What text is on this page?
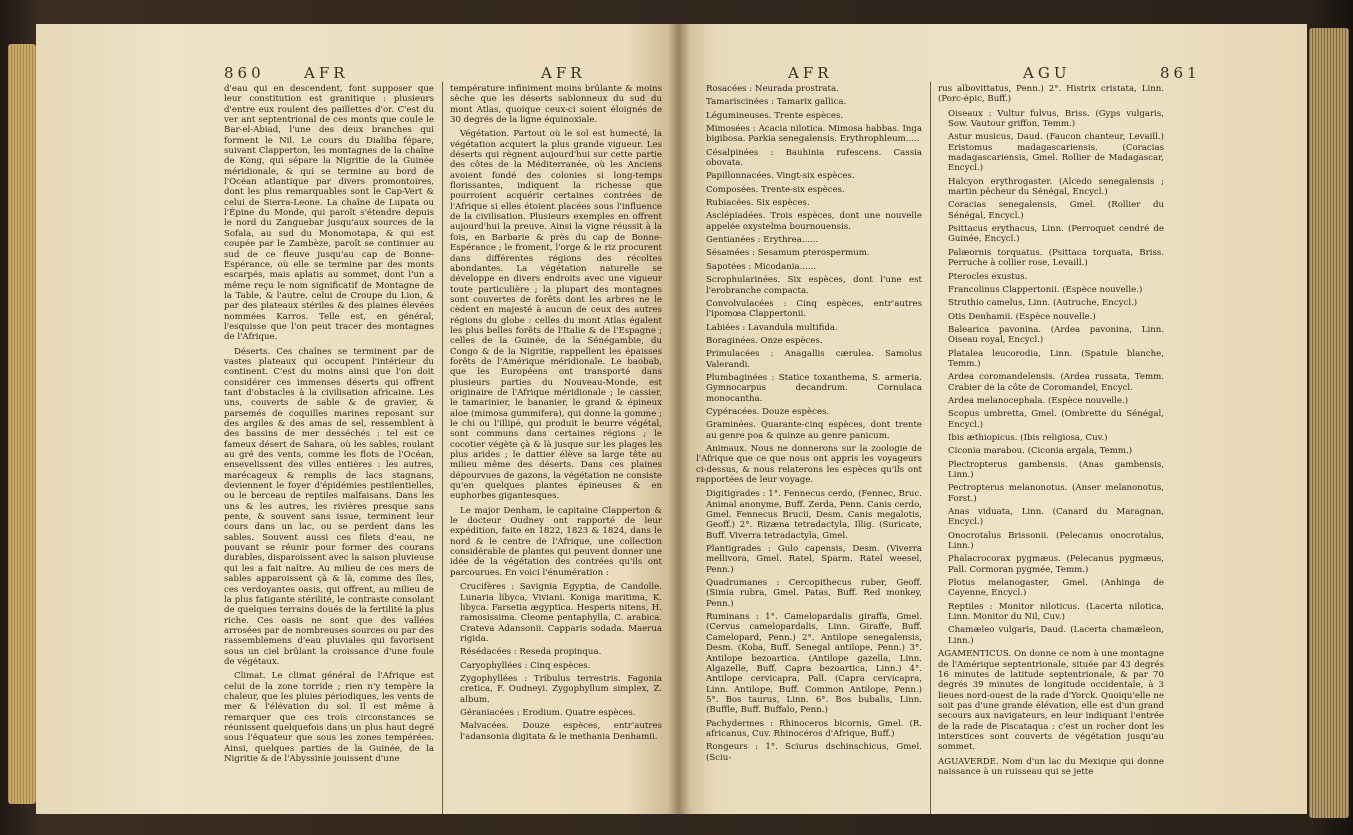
860	AFR	AFR

d'eau qui en descendent, font supposer que leur constitution est granitique : plusieurs d'entre eux roulent des paillettes d'or. C'est du ver ant septentrional de ces monts que coule le Bar-el-Abiad, l'une des deux branches qui forment le Nil. Le cours du Dialiba fépare, suivant Clapperton, les montagnes de la chaîne de Kong, qui sépare la Nigritie de la Guinée méridionale, & qui se termine au bord de l'Océan atlantique par divers promontoires, dont les plus remarquables sont le Cap-Vert & celui de Sierra-Leone. La chaîne de Lupata ou l'Épine du Monde, qui paroît s'étendre depuis le nord du Zanguebar jusqu'aux sources de la Sofala, au sud du Monomotapa, & qui est coupée par le Zambèze, paroît se continuer au sud de ce fleuve jusqu'au cap de Bonne-Espérance, où elle se termine par des monts escarpés, mais aplatis au sommet, dont l'un a même reçu le nom significatif de Montagne de la Table, & l'autre, celui de Croupe du Lion, & par des plateaux stériles & des plaines élevées nommées Karros. Telle est, en général, l'esquisse que l'on peut tracer des montagnes de l'Afrique.

Déserts. Ces chaînes se terminent par de vastes plateaux qui occupent l'intérieur du continent. C'est du moins ainsi que l'on doit considérer ces immenses déserts qui offrent tant d'obstacles à la civilisation africaine. Les uns, couverts de sable & de gravier, & parsemés de coquilles marines reposant sur des argiles & des amas de sel, ressemblent à des bassins de mer desséchés : tel est ce fameux désert de Sahara, où les sables, roulant au gré des vents, comme les flots de l'Océan, ensevelissent des villes entières : les autres, marécageux & remplis de lacs stagnans, deviennent le foyer d'épidémies pestilentielles, ou le berceau de reptiles malfaisans. Dans les uns & les autres, les rivières presque sans pente, & souvent sans issue, terminent leur cours dans un lac, ou se perdent dans les sables. Souvent aussi ces filets d'eau, ne pouvant se réunir pour former des courans durables, disparoissent avec la saison pluvieuse qui les a fait naître. Au milieu de ces mers de sables apparoissent çà & là, comme des îles, ces verdoyantes oasis, qui offrent, au milieu de la plus fatigante stérilité, le contraste consolant de quelques terrains doués de la fertilité la plus riche. Ces oasis ne sont que des vallées arrosées par de nombreuses sources ou par des rassemblemens d'eau pluviales qui favorisent sous un ciel brûlant la croissance d'une foule de végétaux.

Climat. Le climat général de l'Afrique est celui de la zone torride ; rien n'y tempère la chaleur, que les pluies périodiques, les vents de mer & l'élévation du sol. Il est même à remarquer que ces trois circonstances se réunissent quelquefois dans un plus haut degré sous l'équateur que sous les zones tempérées. Ainsi, quelques parties de la Guinée, de la Nigritie & de l'Abyssinie jouissent d'une

température infiniment moins brûlante & moins sèche que les déserts sablonneux du sud du mont Atlas, quoique ceux-ci soient éloignés de 30 degrés de la ligne équinoxiale.

Végétation. Partout où le sol est humecté, la végétation acquiert la plus grande vigueur. Les déserts qui règnent aujourd'hui sur cette partie des côtes de la Méditerranée, où les Anciens avoient fondé des colonies si long-temps florissantes, indiquent la richesse que pourroient acquérir certaines contrées de l'Afrique si elles étoient placées sous l'influence de la civilisation. Plusieurs exemples en offrent aujourd'hui la preuve. Ainsi la vigne réussit à la fois, en Barbarie & près du cap de Bonne-Espérance ; le froment, l'orge & le riz procurent dans différentes régions des récoltes abondantes. La végétation naturelle se développe en divers endroits avec une vigueur toute particulière ; la plupart des montagnes sont couvertes de forêts dont les arbres ne le cèdent en majesté à aucun de ceux des autres régions du globe : celles du mont Atlas égalent les plus belles forêts de l'Italie & de l'Espagne ; celles de la Guinée, de la Sénégambie, du Congo & de la Nigritie, rappellent les épaisses forêts de l'Amérique méridionale. Le baobab, que les Européens ont transporté dans plusieurs parties du Nouveau-Monde, est originaire de l'Afrique méridionale ; le cassier, le tamarinier, le bananier, le grand & épineux aloe (mimosa gummifera), qui donne la gomme ; le chi ou l'illipé, qui produit le beurre végétal, sont communs dans certaines régions ; le cocotier végète çà & là jusque sur les plages les plus arides ; le dattier élève sa large tête au milieu même des déserts. Dans ces plaines dépourvues de gazons, la végétation ne consiste qu'en quelques plantes épineuses & en euphorbes gigantesques.

Le major Denham, le capitaine Clapperton & le docteur Oudney ont rapporté de leur expédition, faite en 1822, 1823 & 1824, dans le nord & le centre de l'Afrique, une collection considérable de plantes qui peuvent donner une idée de la végétation des contrées qu'ils ont parcourues. En voici l'énumération :

Crucifères : Savignia Egyptia, de Candolle. Lunaria libyca, Viviani. Koniga maritima, K. libyca. Farsetia ægyptica. Hesperis nitens, H. ramosissima. Cleome pentaphylla, C. arabica. Crateva Adansonii. Capparis sodada. Maerua rigida.

Résédacées : Reseda propinqua.

Caryophyllées : Cinq espèces.

Zygophyllées : Tribulus terrestris. Fagonia cretica, F. Oudneyi. Zygophyllum simplex, Z. album.

Géraniacées : Erodium. Quatre espèces.

Malvacées. Douze espèces, entr'autres l'adansonia digitata & le methania Denhamii.

AFR	AGU	861

Rosacées : Neurada prostrata.

Tamariscinées : Tamarix gallica.

Légumineuses. Trente espèces.

Mimosées : Acacia nilotica. Mimosa habbas. Inga bigibosa. Parkia senegalensis. Erythrophleum.....

Césalpinées : Bauhinia rufescens. Cassia obovata.

Papillonnacées. Vingt-six espèces.

Composées. Trente-six espèces.

Rubiacées. Six espèces.

Asclépiadées. Trois espèces, dont une nouvelle appelée oxystelma bournouensis.

Gentianées : Erythrea......

Sésamées : Sesamum pterospermum.

Sapotées : Micodania......

Scrophularinées. Six espèces, dont l'une est l'erobranche compacta.

Convolvulacées : Cinq espèces, entr'autres l'ipomœa Clappertonii.

Labiées : Lavandula multifida.

Boraginées. Onze espèces.

Primulacées : Anagallis cærulea. Samolus Valerandi.

Plumbaginées : Statice toxanthema, S. armeria. Gymnocarpus decandrum. Cornulaca monocantha.

Cypéracées. Douze espèces.

Graminées. Quarante-cinq espèces, dont trente au genre poa & quinze au genre panicum.

Animaux. Nous ne donnerons sur la zoologie de l'Afrique que ce que nous ont appris les voyageurs ci-dessus, & nous relaterons les espèces qu'ils ont rapportées de leur voyage.

Digitigrades : 1°. Fennecus cerdo, (Fennec, Bruc. Animal anonyme, Buff. Zerda, Penn. Canis cerdo, Gmel. Fennecus Brucii, Desm. Canis megalotis, Geoff.) 2°. Rizæna tetradactyla, Illig. (Suricate, Buff. Viverra tetradactyla, Gmel.

Plantigrades : Gulo capensis, Desm. (Viverra mellivora, Gmel. Ratel, Sparm. Ratel weesel, Penn.)

Quadrumanes : Cercopithecus ruber, Geoff. (Simia rubra, Gmel. Patas, Buff. Red monkey, Penn.)

Ruminans : 1°. Camelopardalis giraffa, Gmel. (Cervus camelopardalis, Linn. Giraffe, Buff. Camelopard, Penn.) 2°. Antilope senegalensis, Desm. (Koba, Buff. Senegal antilope, Penn.) 3°. Antilope bezoartica. (Antilope gazella, Linn. Algazelle, Buff. Capra bezoartica, Linn.) 4°. Antilope cervicapra, Pall. (Capra cervicapra, Linn. Antilope, Buff. Common Antilope, Penn.) 5°. Bos taurus, Linn. 6°. Bos bubalis, Linn. (Buffle, Buff. Buffalo, Penn.)

Pachydermes : Rhinoceros bicornis, Gmel. (R. africanus, Cuv. Rhinocéros d'Afrique, Buff.)

Rongeurs : 1°. Sciurus dschinschicus, Gmel. (Sciu-

rus albovittatus, Penn.) 2°. Histrix cristata, Linn. (Porc-épic, Buff.)

Oiseaux : Vultur fulvus, Briss. (Gyps vulgaris, Sow. Vautour griffon, Temm.)

Astur musicus, Daud. (Faucon chanteur, Levaill.) Eristomus madagascariensis. (Coracias madagascariensis, Gmel. Rollier de Madagascar, Encycl.)

Halcyon erythrogaster. (Alcedo senegalensis ; martin pêcheur du Sénégal, Encycl.)

Coracias senegalensis, Gmel. (Rollier du Sénégal, Encycl.)

Psittacus erythacus, Linn. (Perroquet cendré de Guinée, Encycl.)

Palæornis torquatus. (Psittaca torquata, Briss. Perruche à collier rose, Levaill.)

Pterocles exustus.

Francolinus Clappertonii. (Espèce nouvelle.)

Struthio camelus, Linn. (Autruche, Encycl.)

Otis Denhamii. (Espèce nouvelle.)

Balearica pavonina. (Ardea pavonina, Linn. Oiseau royal, Encycl.)

Platalea leucorodia, Linn. (Spatule blanche, Temm.)

Ardea coromandelensis. (Ardea russata, Temm. Crabier de la côte de Coromandel, Encycl.

Ardea melanocephala. (Espèce nouvelle.)

Scopus umbretta, Gmel. (Ombrette du Sénégal, Encycl.)

Ibis æthiopicus. (Ibis religiosa, Cuv.)

Ciconia marabou. (Ciconia argala, Temm.)

Plectropterus gambensis. (Anas gambensis, Linn.)

Pectropterus melanonotus. (Anser melanonotus, Forst.)

Anas viduata, Linn. (Canard du Maragnan, Encycl.)

Onocrotalus Brissonii. (Pelecanus onocrotalus, Linn.)

Phalacrocorax pygmæus. (Pelecanus pygmæus, Pall. Cormoran pygmée, Temm.)

Plotus melanogaster, Gmel. (Anhinga de Cayenne, Encycl.)

Reptiles : Monitor niloticus. (Lacerta nilotica, Linn. Monitor du Nil, Cuv.)

Chamæleo vulgaris, Daud. (Lacerta chamæleon, Linn.)

AGAMENTICUS. On donne ce nom à une montagne de l'Amérique septentrionale, située par 43 degrés 16 minutes de latitude septentrionale, & par 70 degrés 39 minutes de longitude occidentale, à 3 lieues nord-ouest de la rade d'Yorck. Quoiqu'elle ne soit pas d'une grande élévation, elle est d'un grand secours aux navigateurs, en leur indiquant l'entrée de la rade de Piscataqua : c'est un rocher dont les interstices sont couverts de végétation jusqu'au sommet.

AGUAVERDE. Nom d'un lac du Mexique qui donne naissance à un ruisseau qui se jette
